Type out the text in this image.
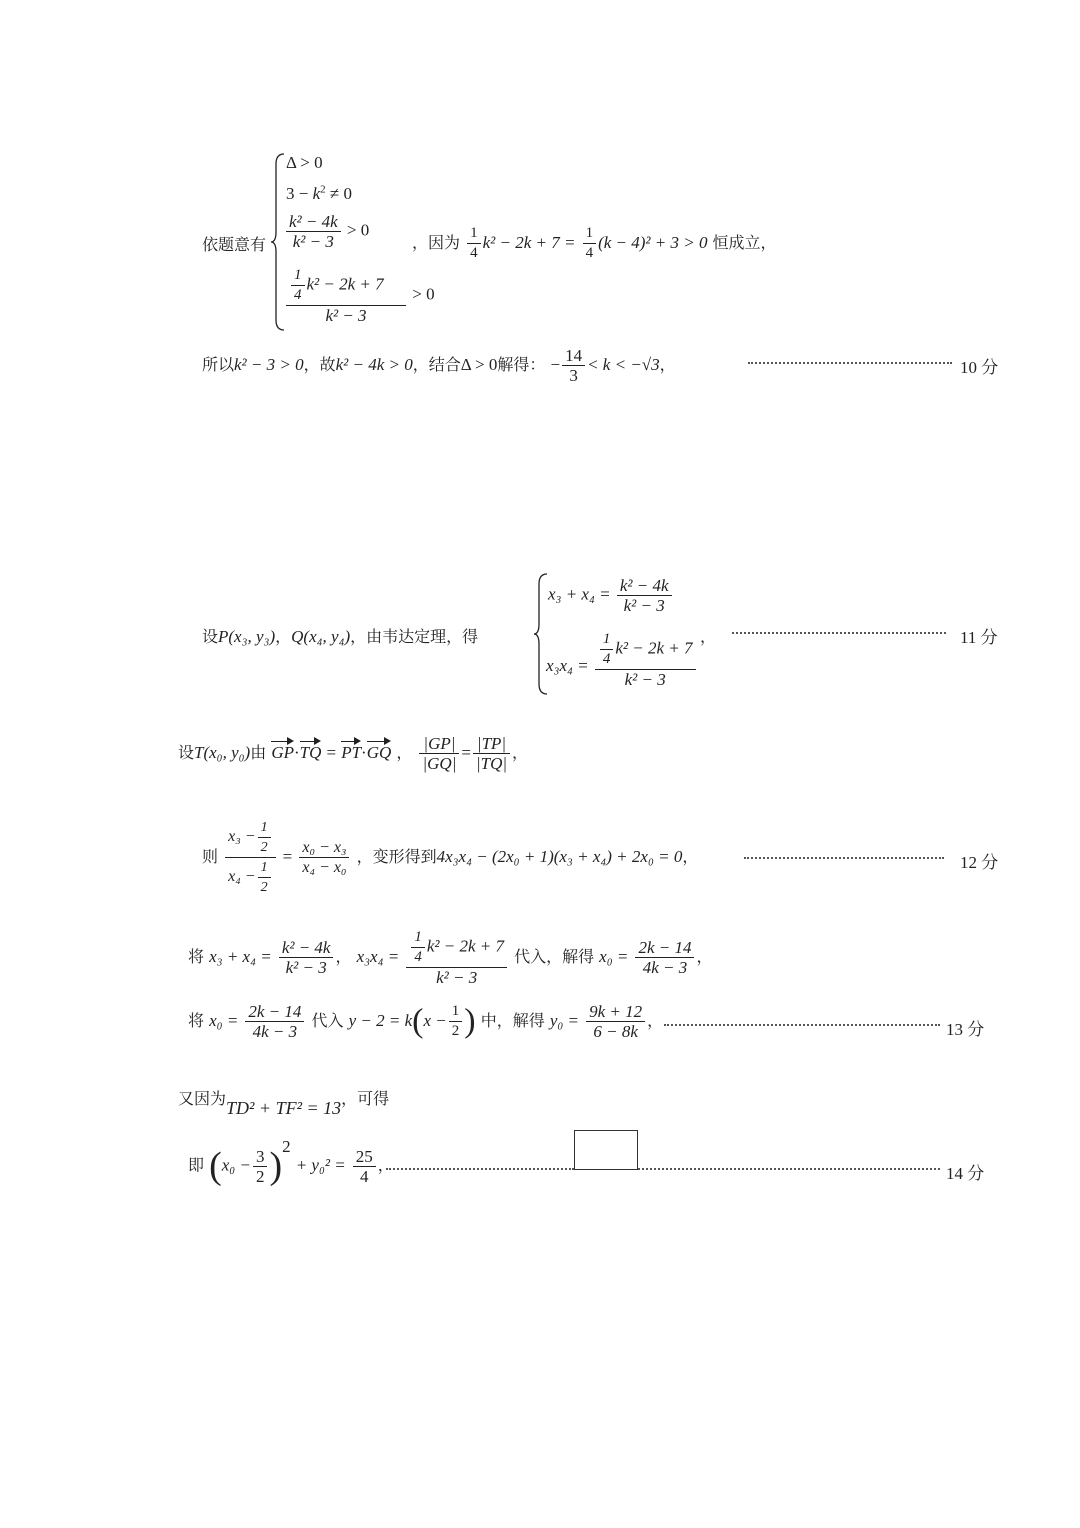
依题意有
Δ > 0
$3 - k^2 \ne 0$
$\frac{\text{k² − 4k}}{\text{k² − 3}} > 0$
$\frac{\frac{1}{4} k^2 - 2k + 7}{\text{k² − 3}} > 0$
，因为 $\frac{1}{4} k^2 - 2k + 7 = \frac{1}{4} (k - 4)^2 + 3 > 0$ 恒成立，
所以k² − 3 > 0，故k² − 4k > 0，结合Δ > 0解得： − $\frac{14}{3} < k < -√3$，	10 分
设P(x₃, y₃)，Q(x₄, y₄)，由韦达定理，得
$x_3 + x_4 = \frac{\text{k² − 4k}}{\text{k² − 3}}$
$x_3x_4 = \frac{\frac{1}{4} k^2 - 2k + 7}{\text{k² − 3}}$ ，	11 分
设T(x₀, y₀)由 GP·TQ = PT·GQ ， $\frac{|GP|}{|GQ|} = \frac{|TP|}{|TQ|}$ ，
则 $\frac{x_3 - \frac{1}{2}}{x_4 - \frac{1}{2}} = \frac{\text{x₀ − x₃}}{\text{x₄ − x₀}}$ ，变形得到4x₃x₄ − (2x₀ + 1)(x₃ + x₄) + 2x₀ = 0，	12 分
将 $x_3 + x_4 = \frac{\text{k² − 4k}}{\text{k² − 3}}$ ， $x_3x_4 = \frac{\frac{1}{4} k^2 - 2k + 7}{\text{k² − 3}}$ 代入，解得 $x_0 = \frac{2k - 14}{4k - 3}$ ，
将 $x_0 = \frac{2k - 14}{4k - 3}$ 代入 $y - 2 = k(x - \frac{1}{2}$ ) 中，解得 $y_0 = \frac{9k + 12}{6 - 8k}$ ，	13 分
又因为TD² + TF² = 13，可得
即 $(x_0 - \frac{3}{2} )^2 + y_0^2 = \frac{25}{4}$ ，	14 分
